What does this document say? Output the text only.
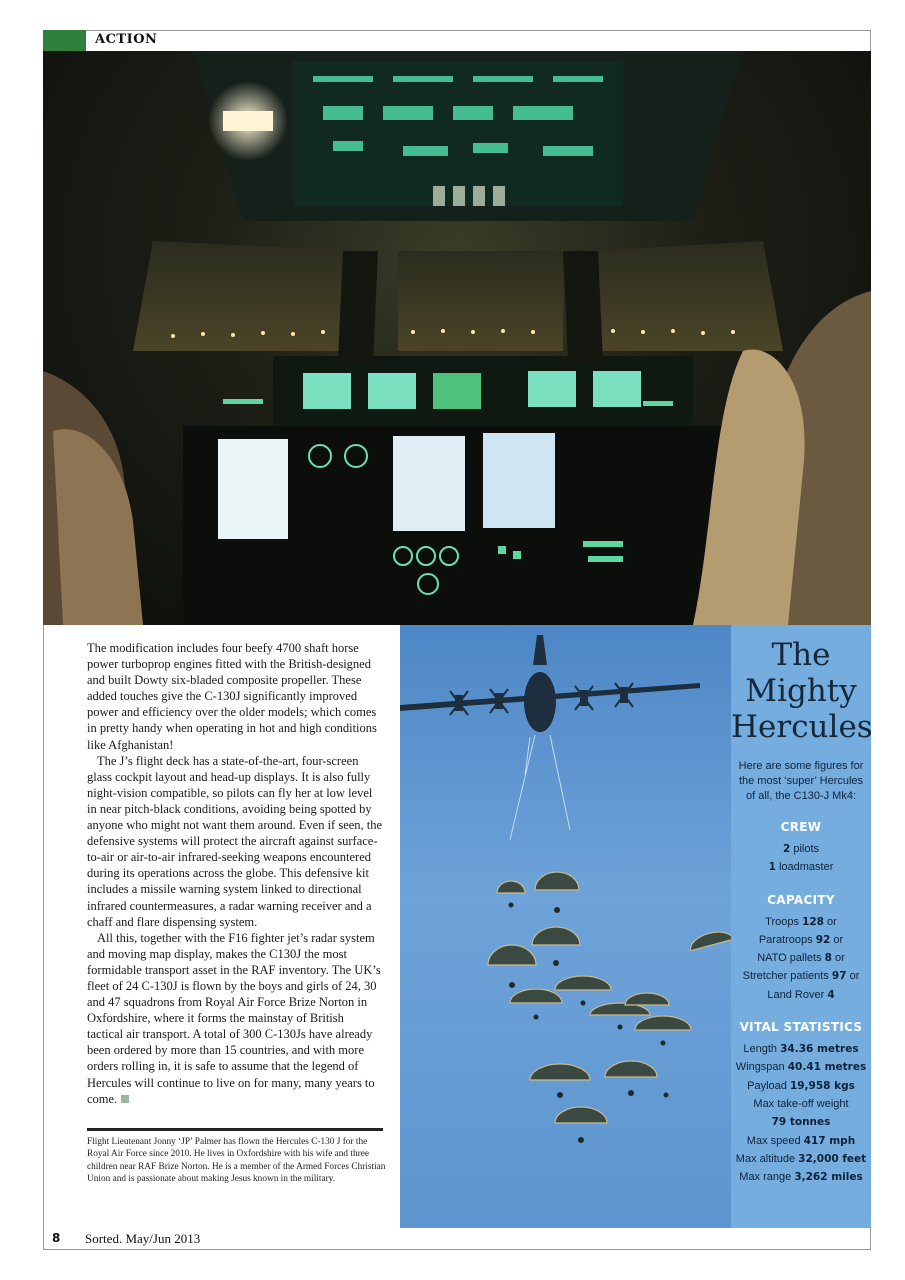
ACTION

The modification includes four beefy 4700 shaft horse power turboprop engines fitted with the British-designed and built Dowty six-bladed composite propeller. These added touches give the C-130J significantly improved power and efficiency over the older models; which comes in pretty handy when operating in hot and high conditions like Afghanistan!

The J’s flight deck has a state-of-the-art, four-screen glass cockpit layout and head-up displays. It is also fully night-vision compatible, so pilots can fly her at low level in near pitch-black conditions, avoiding being spotted by anyone who might not want them around. Even if seen, the defensive systems will protect the aircraft against surface-to-air or air-to-air infrared-seeking weapons encountered during its operations across the globe. This defensive kit includes a missile warning system linked to directional infrared countermeasures, a radar warning receiver and a chaff and flare dispensing system.

All this, together with the F16 fighter jet’s radar system and moving map display, makes the C130J the most formidable transport asset in the RAF inventory. The UK’s fleet of 24 C-130J is flown by the boys and girls of 24, 30 and 47 squadrons from Royal Air Force Brize Norton in Oxfordshire, where it forms the mainstay of British tactical air transport. A total of 300 C-130Js have already been ordered by more than 15 countries, and with more orders rolling in, it is safe to assume that the legend of Hercules will continue to live on for many, many years to come.

Flight Lieutenant Jonny ‘JP’ Palmer has flown the Hercules C-130 J for the Royal Air Force since 2010. He lives in Oxfordshire with his wife and three children near RAF Brize Norton. He is a member of the Armed Forces Christian Union and is passionate about making Jesus known in the military.
The
Mighty
Hercules
Here are some figures for the most ‘super’ Hercules of all, the C130-J Mk4:
CREW
2 pilots
1 loadmaster
CAPACITY
Troops 128 or
Paratroops 92 or
NATO pallets 8 or
Stretcher patients 97 or
Land Rover 4
VITAL STATISTICS
Length 34.36 metres
Wingspan 40.41 metres
Payload 19,958 kgs
Max take-off weight
79 tonnes
Max speed 417 mph
Max altitude 32,000 feet
Max range 3,262 miles
8 Sorted. May/Jun 2013
